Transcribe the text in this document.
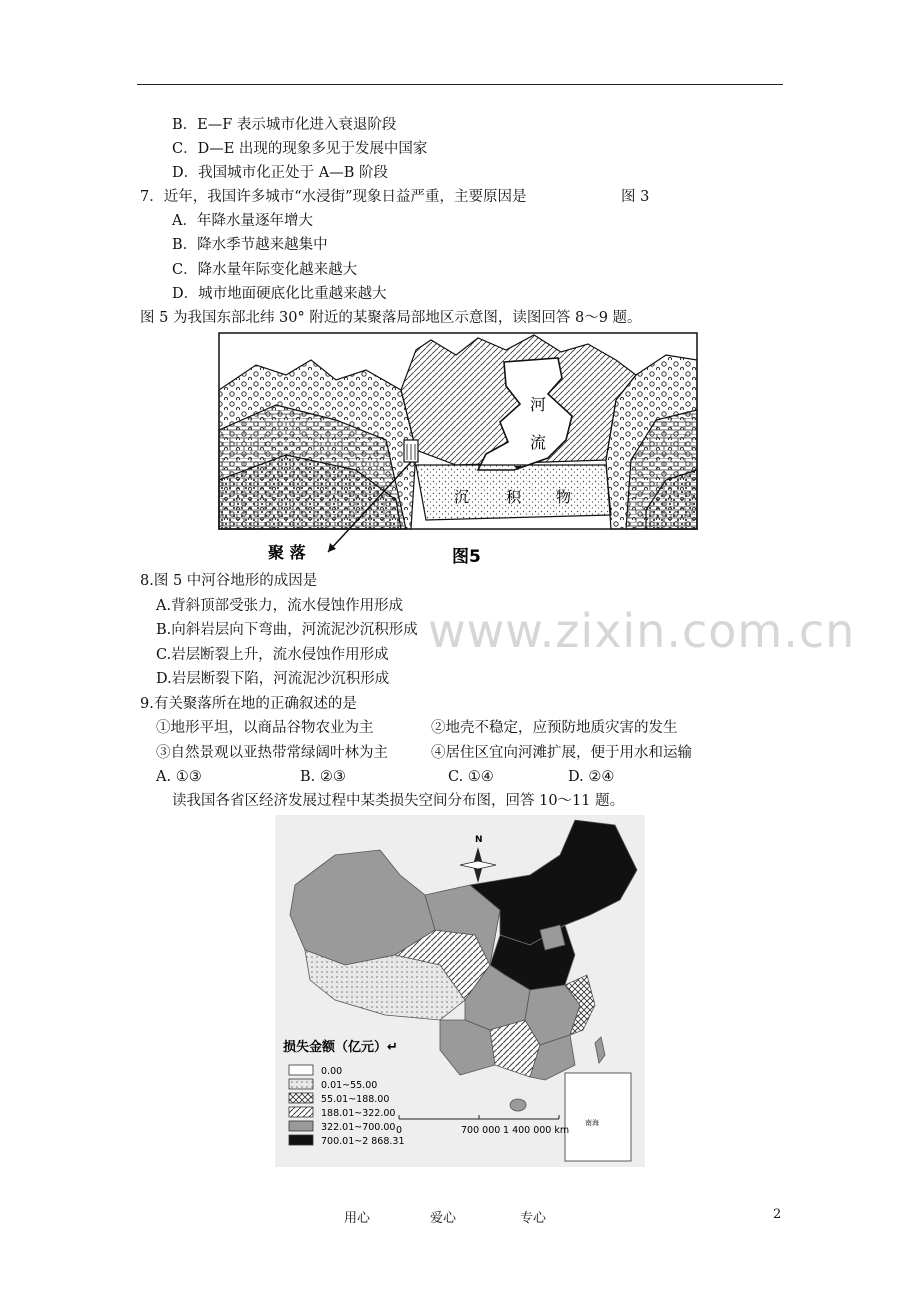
B．E—F 表示城市化进入衰退阶段
C．D—E 出现的现象多见于发展中国家
D．我国城市化正处于 A—B 阶段
7．近年，我国许多城市“水浸街”现象日益严重，主要原因是	图 3
A．年降水量逐年增大
B．降水季节越来越集中
C．降水量年际变化越来越大
D．城市地面硬底化比重越来越大
图 5 为我国东部北纬 30° 附近的某聚落局部地区示意图，读图回答 8～9 题。
河
流
沉 积 物
聚 落	图5
8.图 5 中河谷地形的成因是
A.背斜顶部受张力，流水侵蚀作用形成
B.向斜岩层向下弯曲，河流泥沙沉积形成
C.岩层断裂上升，流水侵蚀作用形成
D.岩层断裂下陷，河流泥沙沉积形成
www.zixin.com.cn
9.有关聚落所在地的正确叙述的是
①地形平坦，以商品谷物农业为主	②地壳不稳定，应预防地质灾害的发生
③自然景观以亚热带常绿阔叶林为主	④居住区宜向河滩扩展，便于用水和运输
A. ①③	B. ②③	C. ①④	D. ②④
读我国各省区经济发展过程中某类损失空间分布图，回答 10～11 题。
N
南海
损失金额（亿元）↵
0.00
0.01~55.00
55.01~188.00
188.01~322.00
322.01~700.00
700.01~2 868.31
0	700 000 1 400 000 km
用心	爱心	专心	2
